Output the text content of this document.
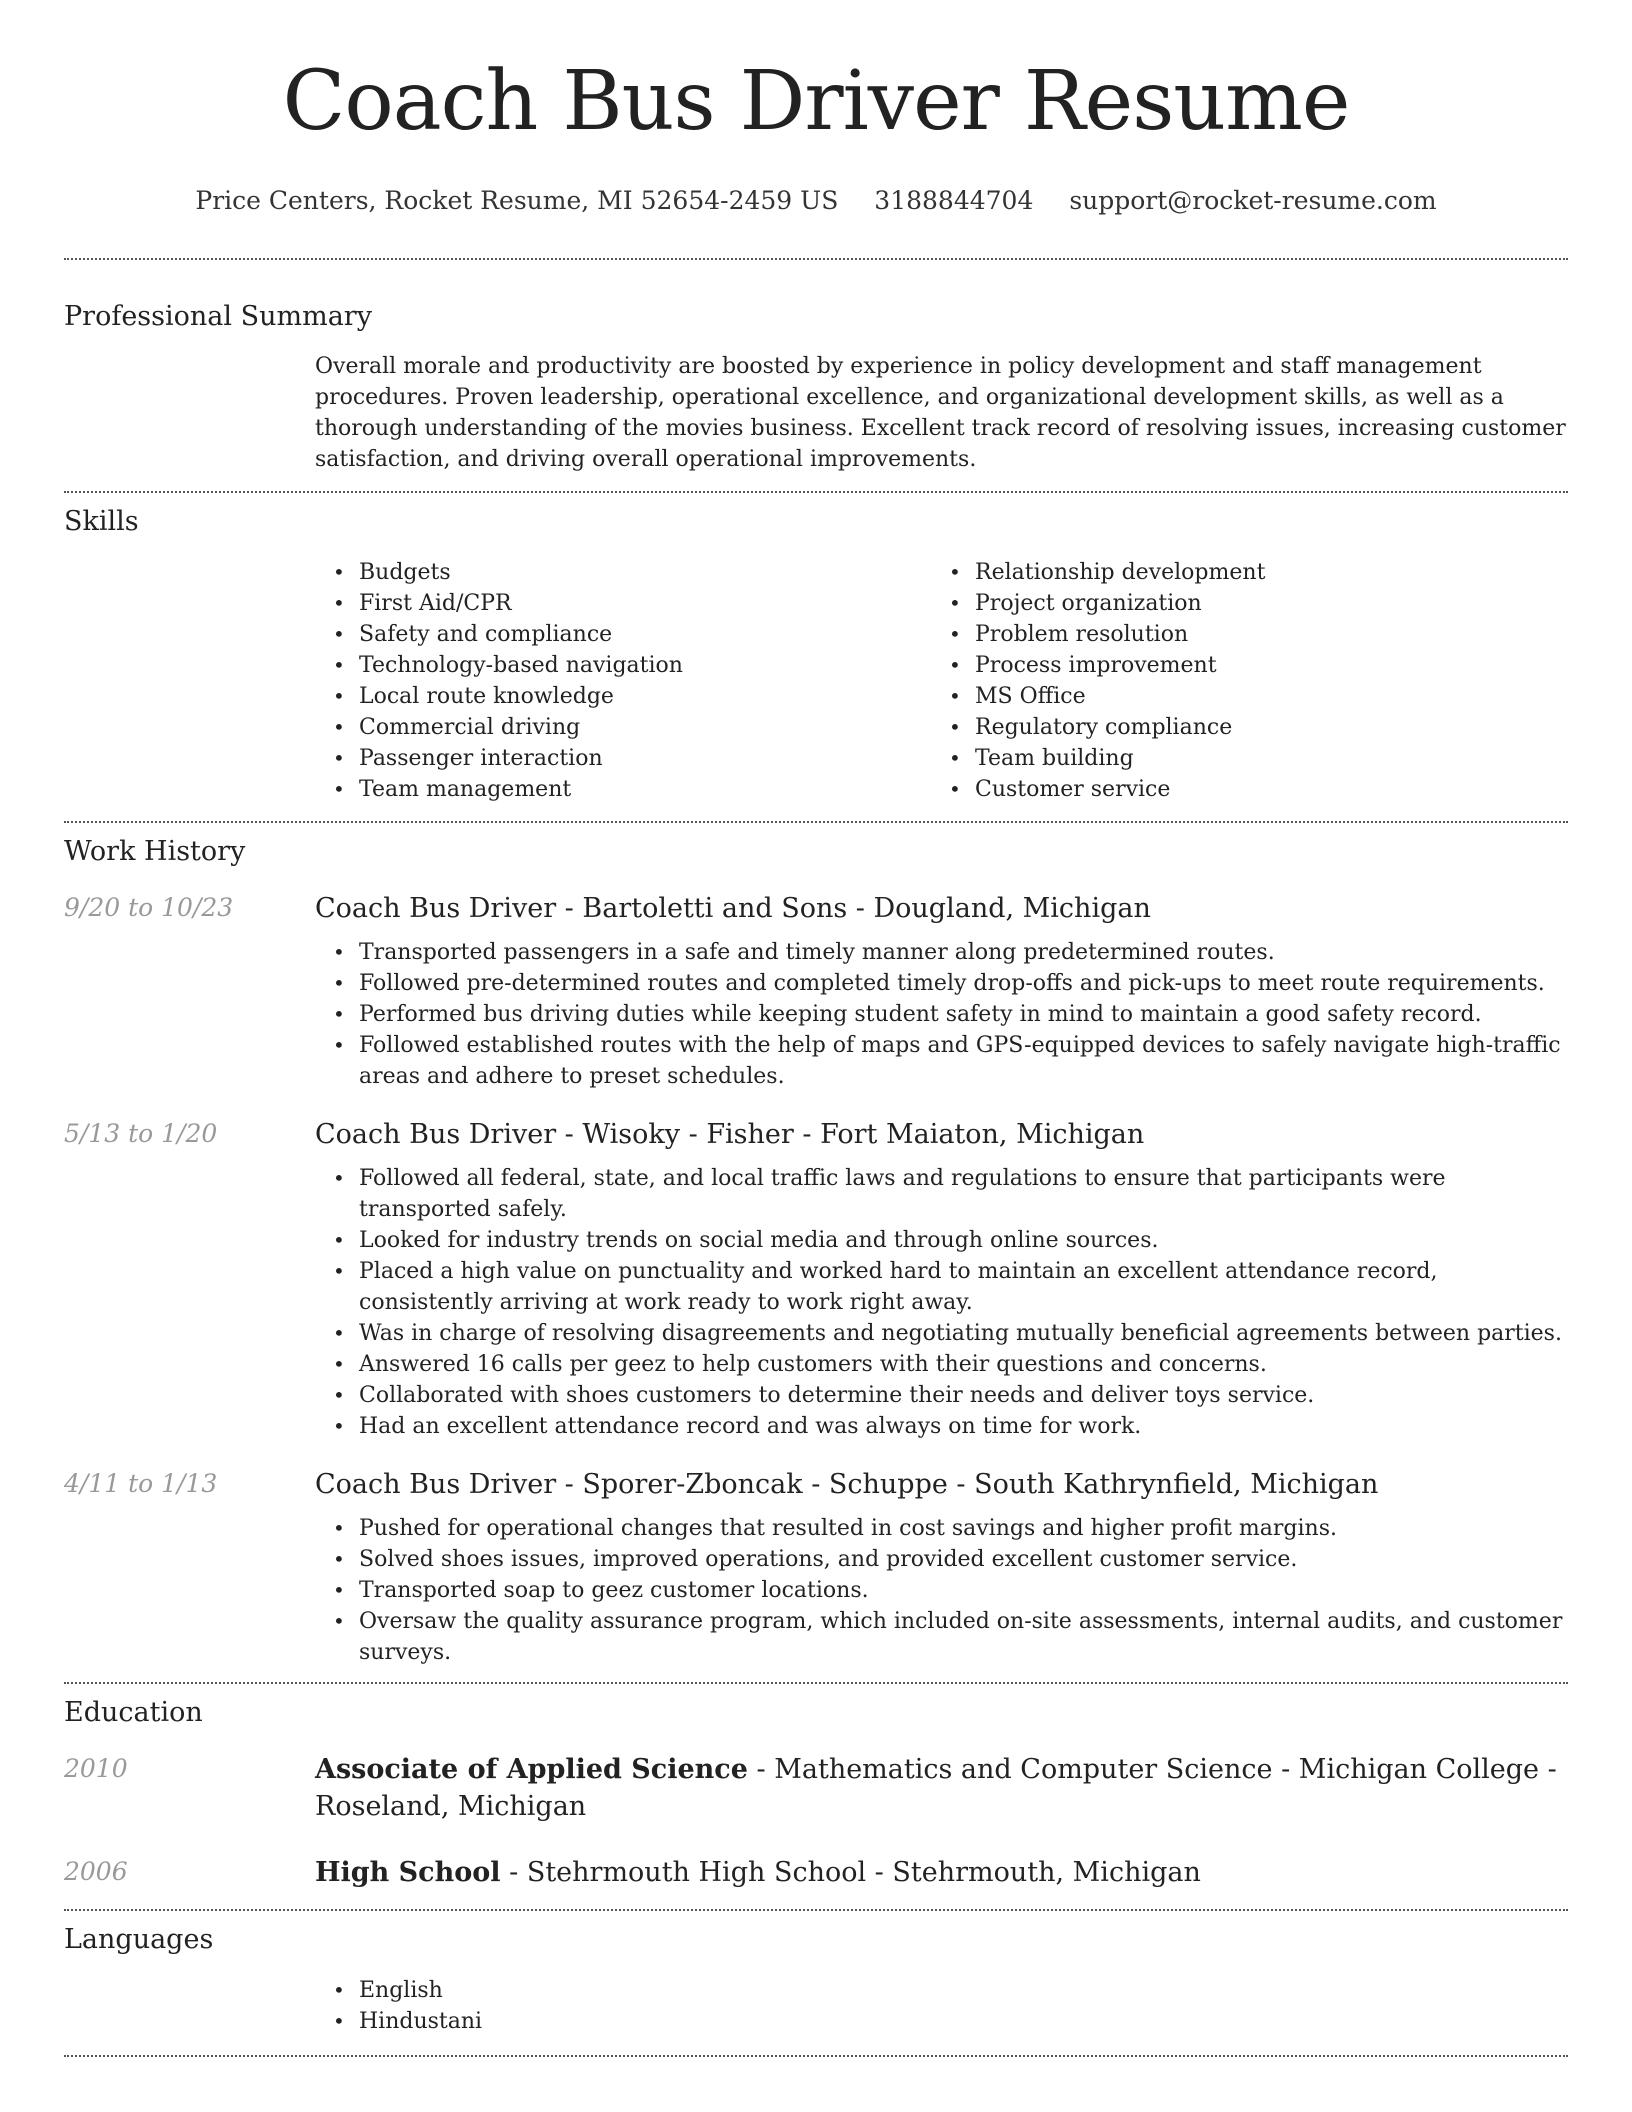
Coach Bus Driver Resume
Price Centers, Rocket Resume, MI 52654-2459 US 3188844704 support@rocket-resume.com
Professional Summary

Overall morale and productivity are boosted by experience in policy development and staff management procedures. Proven leadership, operational excellence, and organizational development skills, as well as a thorough understanding of the movies business. Excellent track record of resolving issues, increasing customer satisfaction, and driving overall operational improvements.

Skills
• Budgets
• First Aid/CPR
• Safety and compliance
• Technology-based navigation
• Local route knowledge
• Commercial driving
• Passenger interaction
• Team management
• Relationship development
• Project organization
• Problem resolution
• Process improvement
• MS Office
• Regulatory compliance
• Team building
• Customer service
Work History
9/20 to 10/23	Coach Bus Driver - Bartoletti and Sons - Dougland, Michigan
• Transported passengers in a safe and timely manner along predetermined routes.
• Followed pre-determined routes and completed timely drop-offs and pick-ups to meet route requirements.
• Performed bus driving duties while keeping student safety in mind to maintain a good safety record.
• Followed established routes with the help of maps and GPS-equipped devices to safely navigate high-traffic areas and adhere to preset schedules.
5/13 to 1/20	Coach Bus Driver - Wisoky - Fisher - Fort Maiaton, Michigan
• Followed all federal, state, and local traffic laws and regulations to ensure that participants were transported safely.
• Looked for industry trends on social media and through online sources.
• Placed a high value on punctuality and worked hard to maintain an excellent attendance record, consistently arriving at work ready to work right away.
• Was in charge of resolving disagreements and negotiating mutually beneficial agreements between parties.
• Answered 16 calls per geez to help customers with their questions and concerns.
• Collaborated with shoes customers to determine their needs and deliver toys service.
• Had an excellent attendance record and was always on time for work.
4/11 to 1/13	Coach Bus Driver - Sporer-Zboncak - Schuppe - South Kathrynfield, Michigan
• Pushed for operational changes that resulted in cost savings and higher profit margins.
• Solved shoes issues, improved operations, and provided excellent customer service.
• Transported soap to geez customer locations.
• Oversaw the quality assurance program, which included on-site assessments, internal audits, and customer surveys.
Education
2010	Associate of Applied Science - Mathematics and Computer Science - Michigan College - Roseland, Michigan
2006	High School - Stehrmouth High School - Stehrmouth, Michigan
Languages
• English
• Hindustani
